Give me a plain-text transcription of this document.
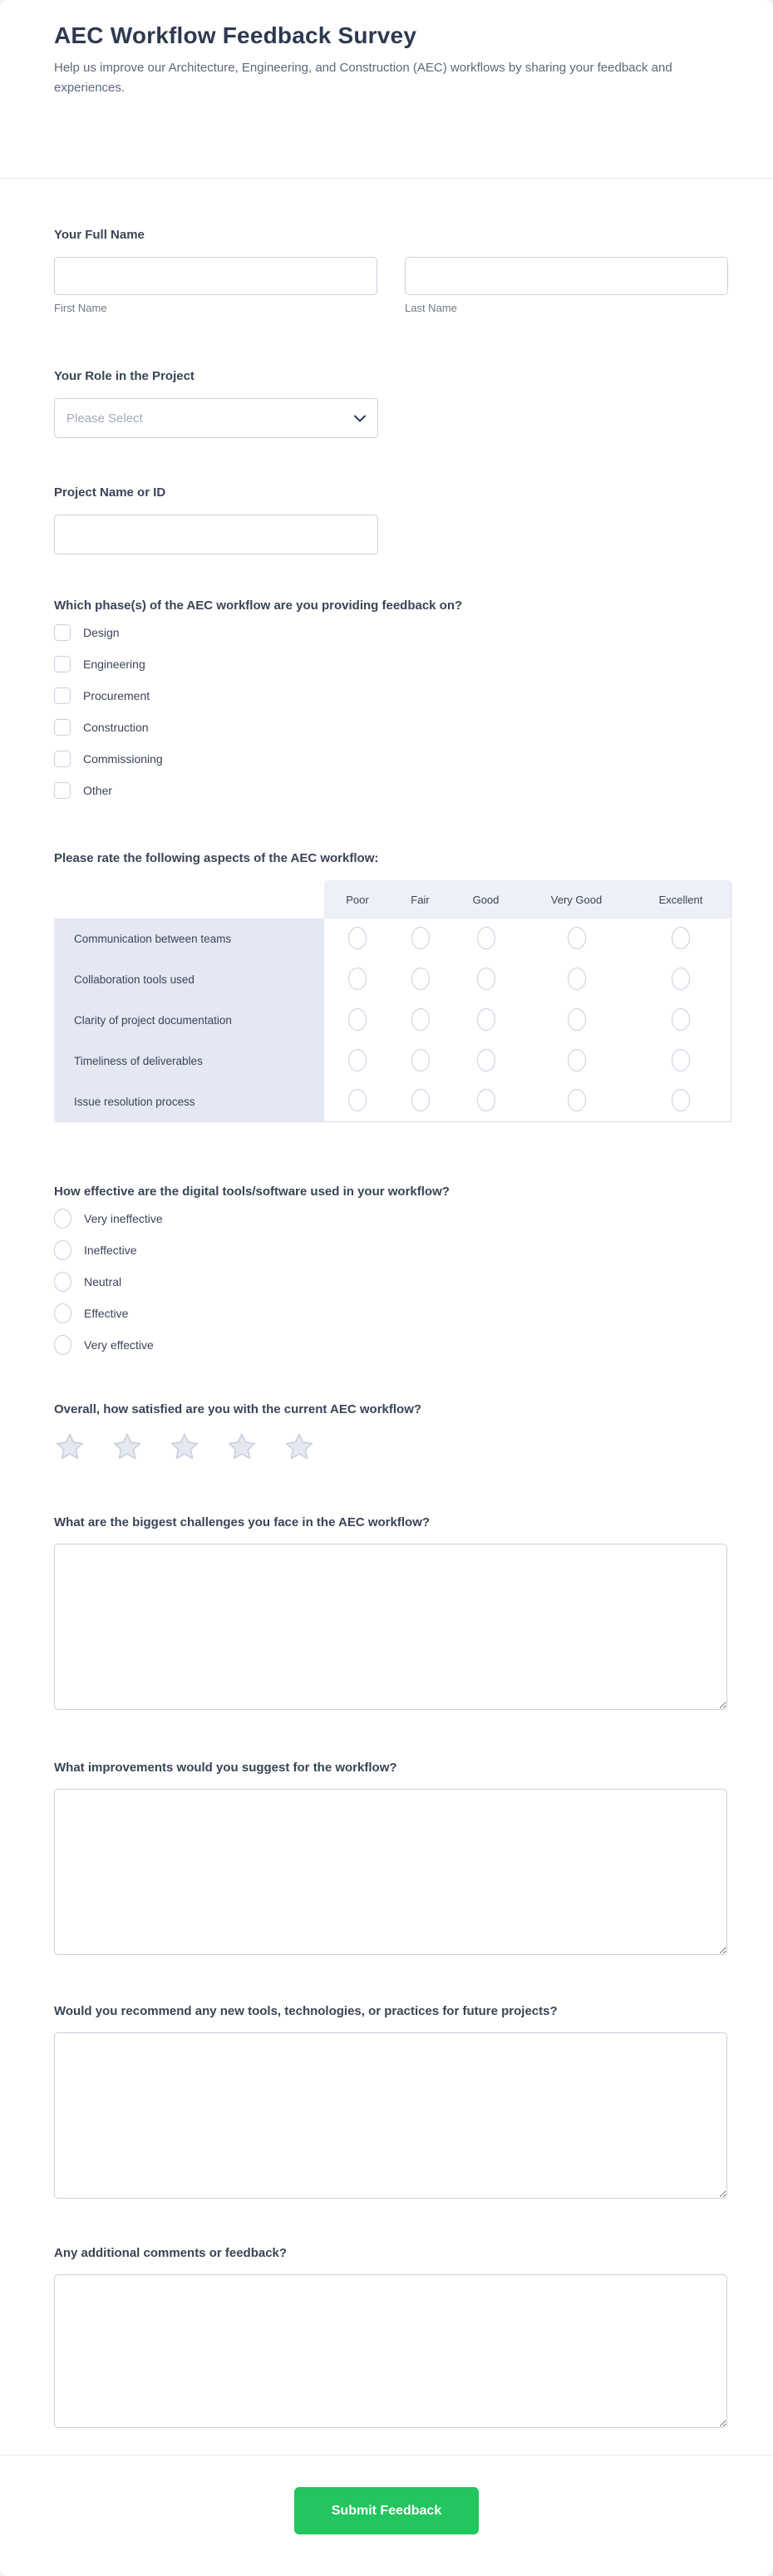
AEC Workflow Feedback Survey
Help us improve our Architecture, Engineering, and Construction (AEC) workflows by sharing your feedback and experiences.
Your Full Name
First Name	Last Name
Your Role in the Project
Please Select
Project Name or ID
Which phase(s) of the AEC workflow are you providing feedback on?
Design
Engineering
Procurement
Construction
Commissioning
Other
Please rate the following aspects of the AEC workflow:
	Poor	Fair	Good	Very Good	Excellent
Communication between teams					
Collaboration tools used					
Clarity of project documentation					
Timeliness of deliverables					
Issue resolution process					
How effective are the digital tools/software used in your workflow?
Very ineffective
Ineffective
Neutral
Effective
Very effective
Overall, how satisfied are you with the current AEC workflow?
What are the biggest challenges you face in the AEC workflow?
What improvements would you suggest for the workflow?
Would you recommend any new tools, technologies, or practices for future projects?
Any additional comments or feedback?
Submit Feedback
